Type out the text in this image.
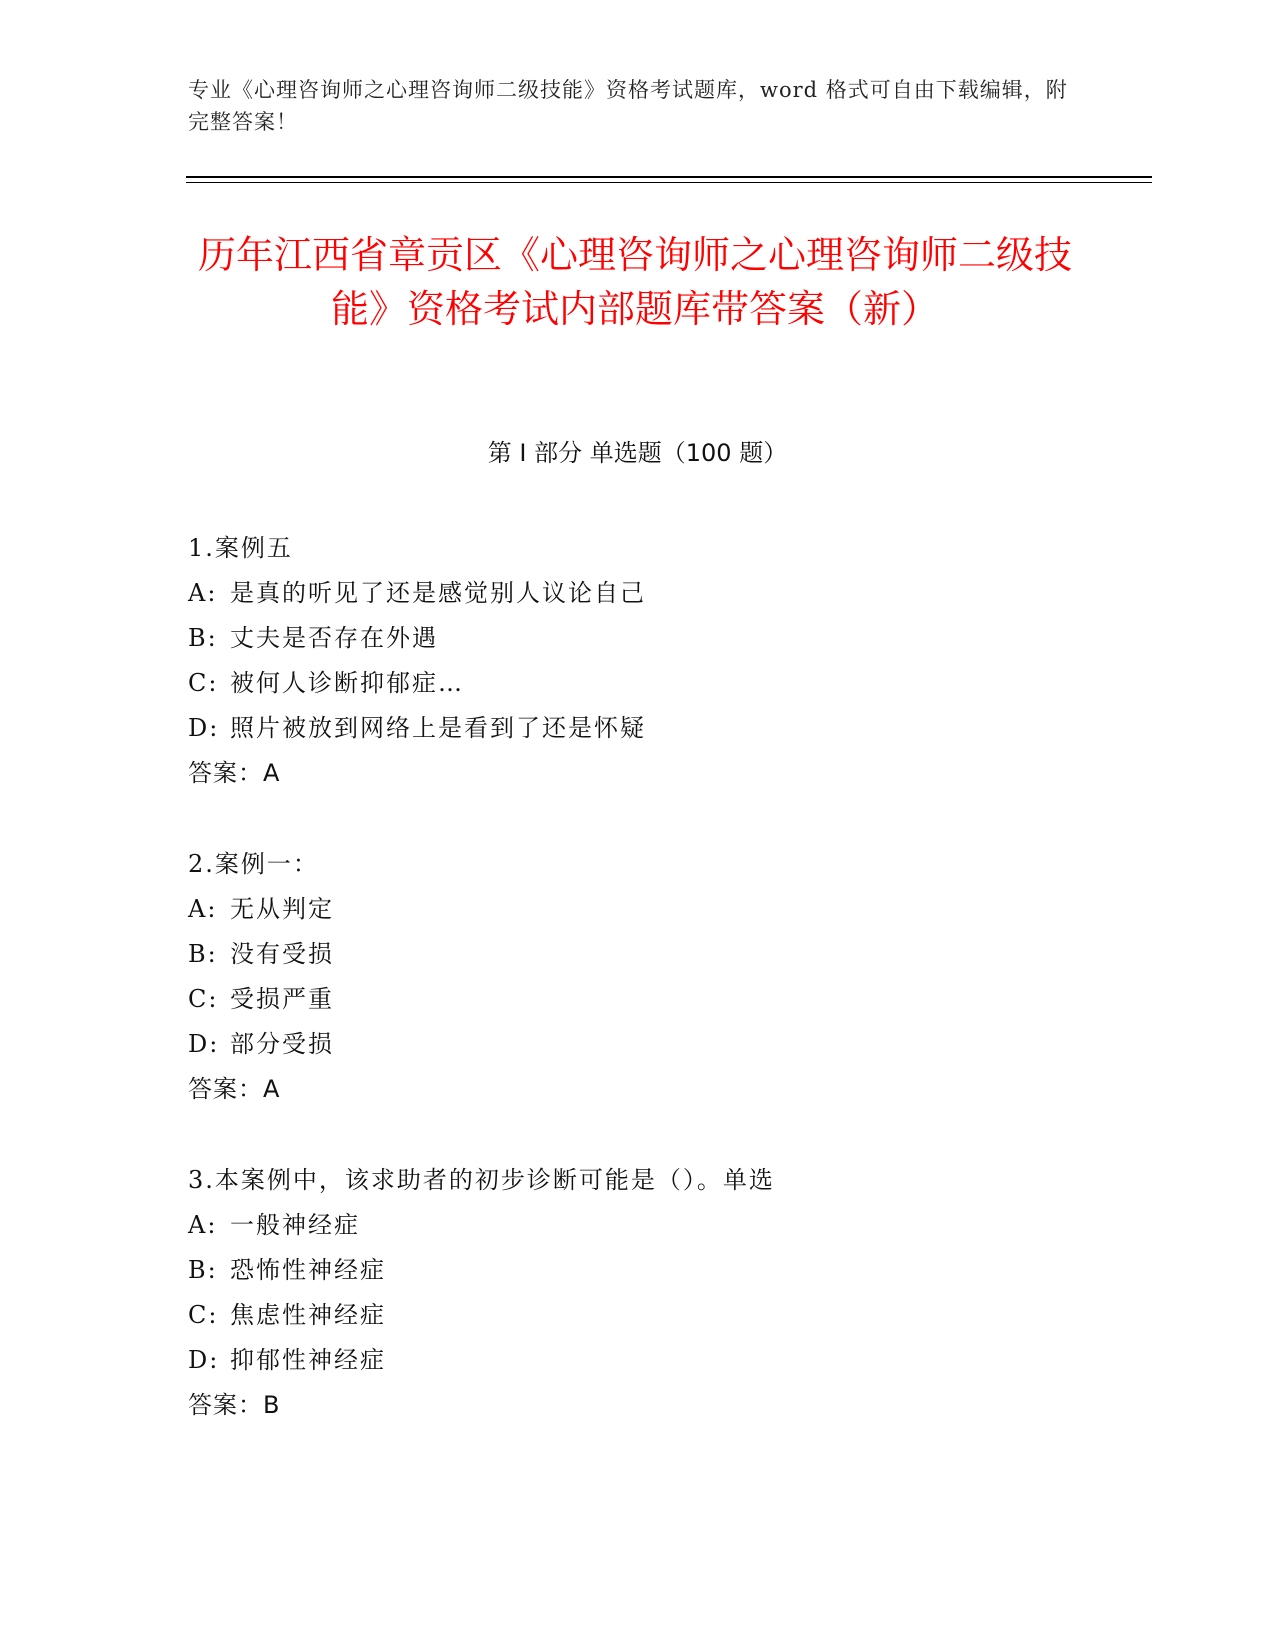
专业《心理咨询师之心理咨询师二级技能》资格考试题库，word 格式可自由下载编辑，附完整答案！
历年江西省章贡区《心理咨询师之心理咨询师二级技能》资格考试内部题库带答案（新）
第 I 部分 单选题（100 题）
1.案例五
A: 是真的听见了还是感觉别人议论自己
B: 丈夫是否存在外遇
C: 被何人诊断抑郁症…
D: 照片被放到网络上是看到了还是怀疑
答案：A
2.案例一：
A: 无从判定
B: 没有受损
C: 受损严重
D: 部分受损
答案：A
3.本案例中，该求助者的初步诊断可能是（）。单选
A: 一般神经症
B: 恐怖性神经症
C: 焦虑性神经症
D: 抑郁性神经症
答案：B
